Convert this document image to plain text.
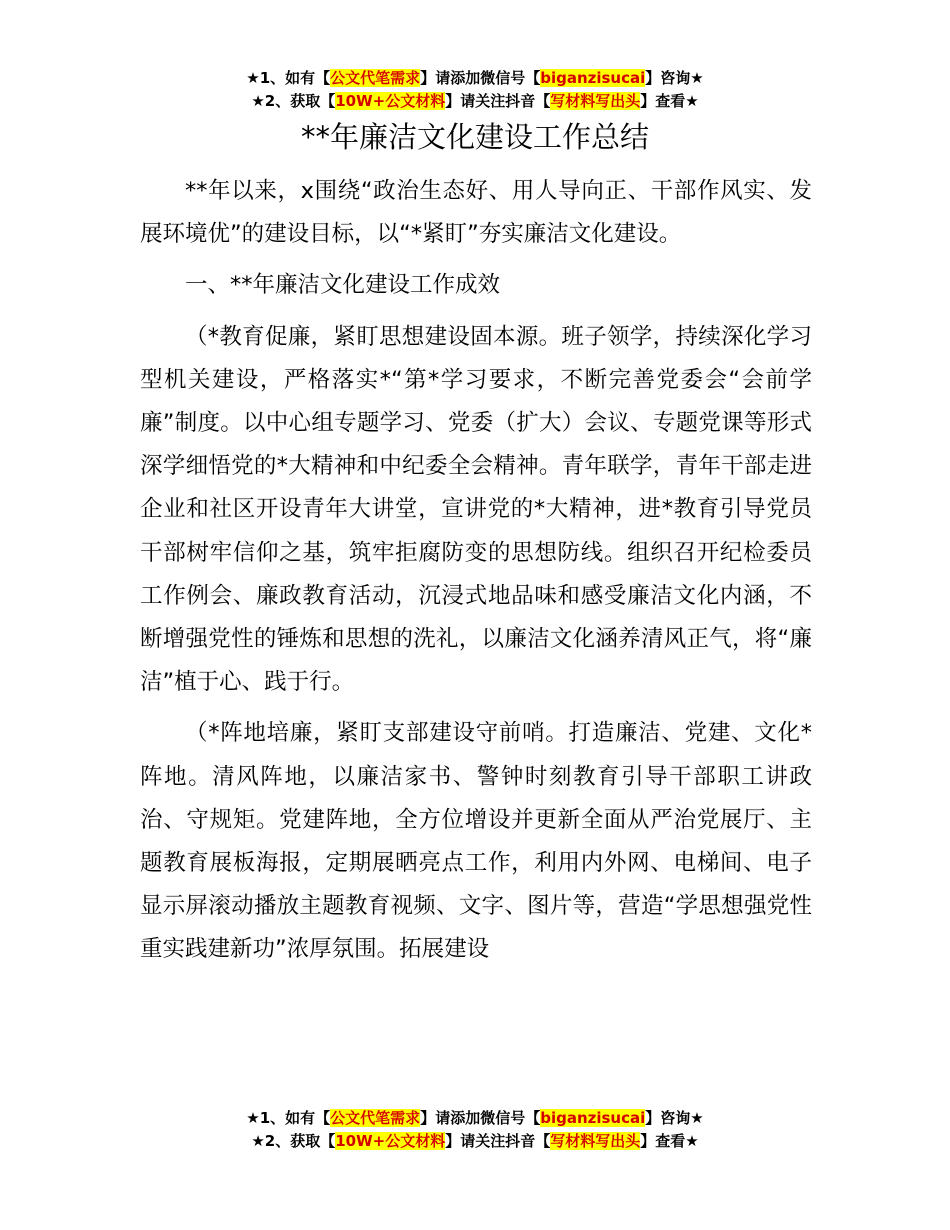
★1、如有【公文代笔需求】请添加微信号【biganzisucai】咨询★
★2、获取【10W+公文材料】请关注抖音【写材料写出头】查看★
**年廉洁文化建设工作总结

**年以来，x围绕“政治生态好、用人导向正、干部作风实、发展环境优”的建设目标，以“*紧盯”夯实廉洁文化建设。

一、**年廉洁文化建设工作成效

（*教育促廉，紧盯思想建设固本源。班子领学，持续深化学习型机关建设，严格落实*“第*学习要求，不断完善党委会“会前学廉”制度。以中心组专题学习、党委（扩大）会议、专题党课等形式深学细悟党的*大精神和中纪委全会精神。青年联学，青年干部走进企业和社区开设青年大讲堂，宣讲党的*大精神，进*教育引导党员干部树牢信仰之基，筑牢拒腐防变的思想防线。组织召开纪检委员工作例会、廉政教育活动，沉浸式地品味和感受廉洁文化内涵，不断增强党性的锤炼和思想的洗礼，以廉洁文化涵养清风正气，将“廉洁”植于心、践于行。

（*阵地培廉，紧盯支部建设守前哨。打造廉洁、党建、文化*阵地。清风阵地，以廉洁家书、警钟时刻教育引导干部职工讲政治、守规矩。党建阵地，全方位增设并更新全面从严治党展厅、主题教育展板海报，定期展晒亮点工作，利用内外网、电梯间、电子显示屏滚动播放主题教育视频、文字、图片等，营造“学思想强党性重实践建新功”浓厚氛围。拓展建设

★1、如有【公文代笔需求】请添加微信号【biganzisucai】咨询★
★2、获取【10W+公文材料】请关注抖音【写材料写出头】查看★
